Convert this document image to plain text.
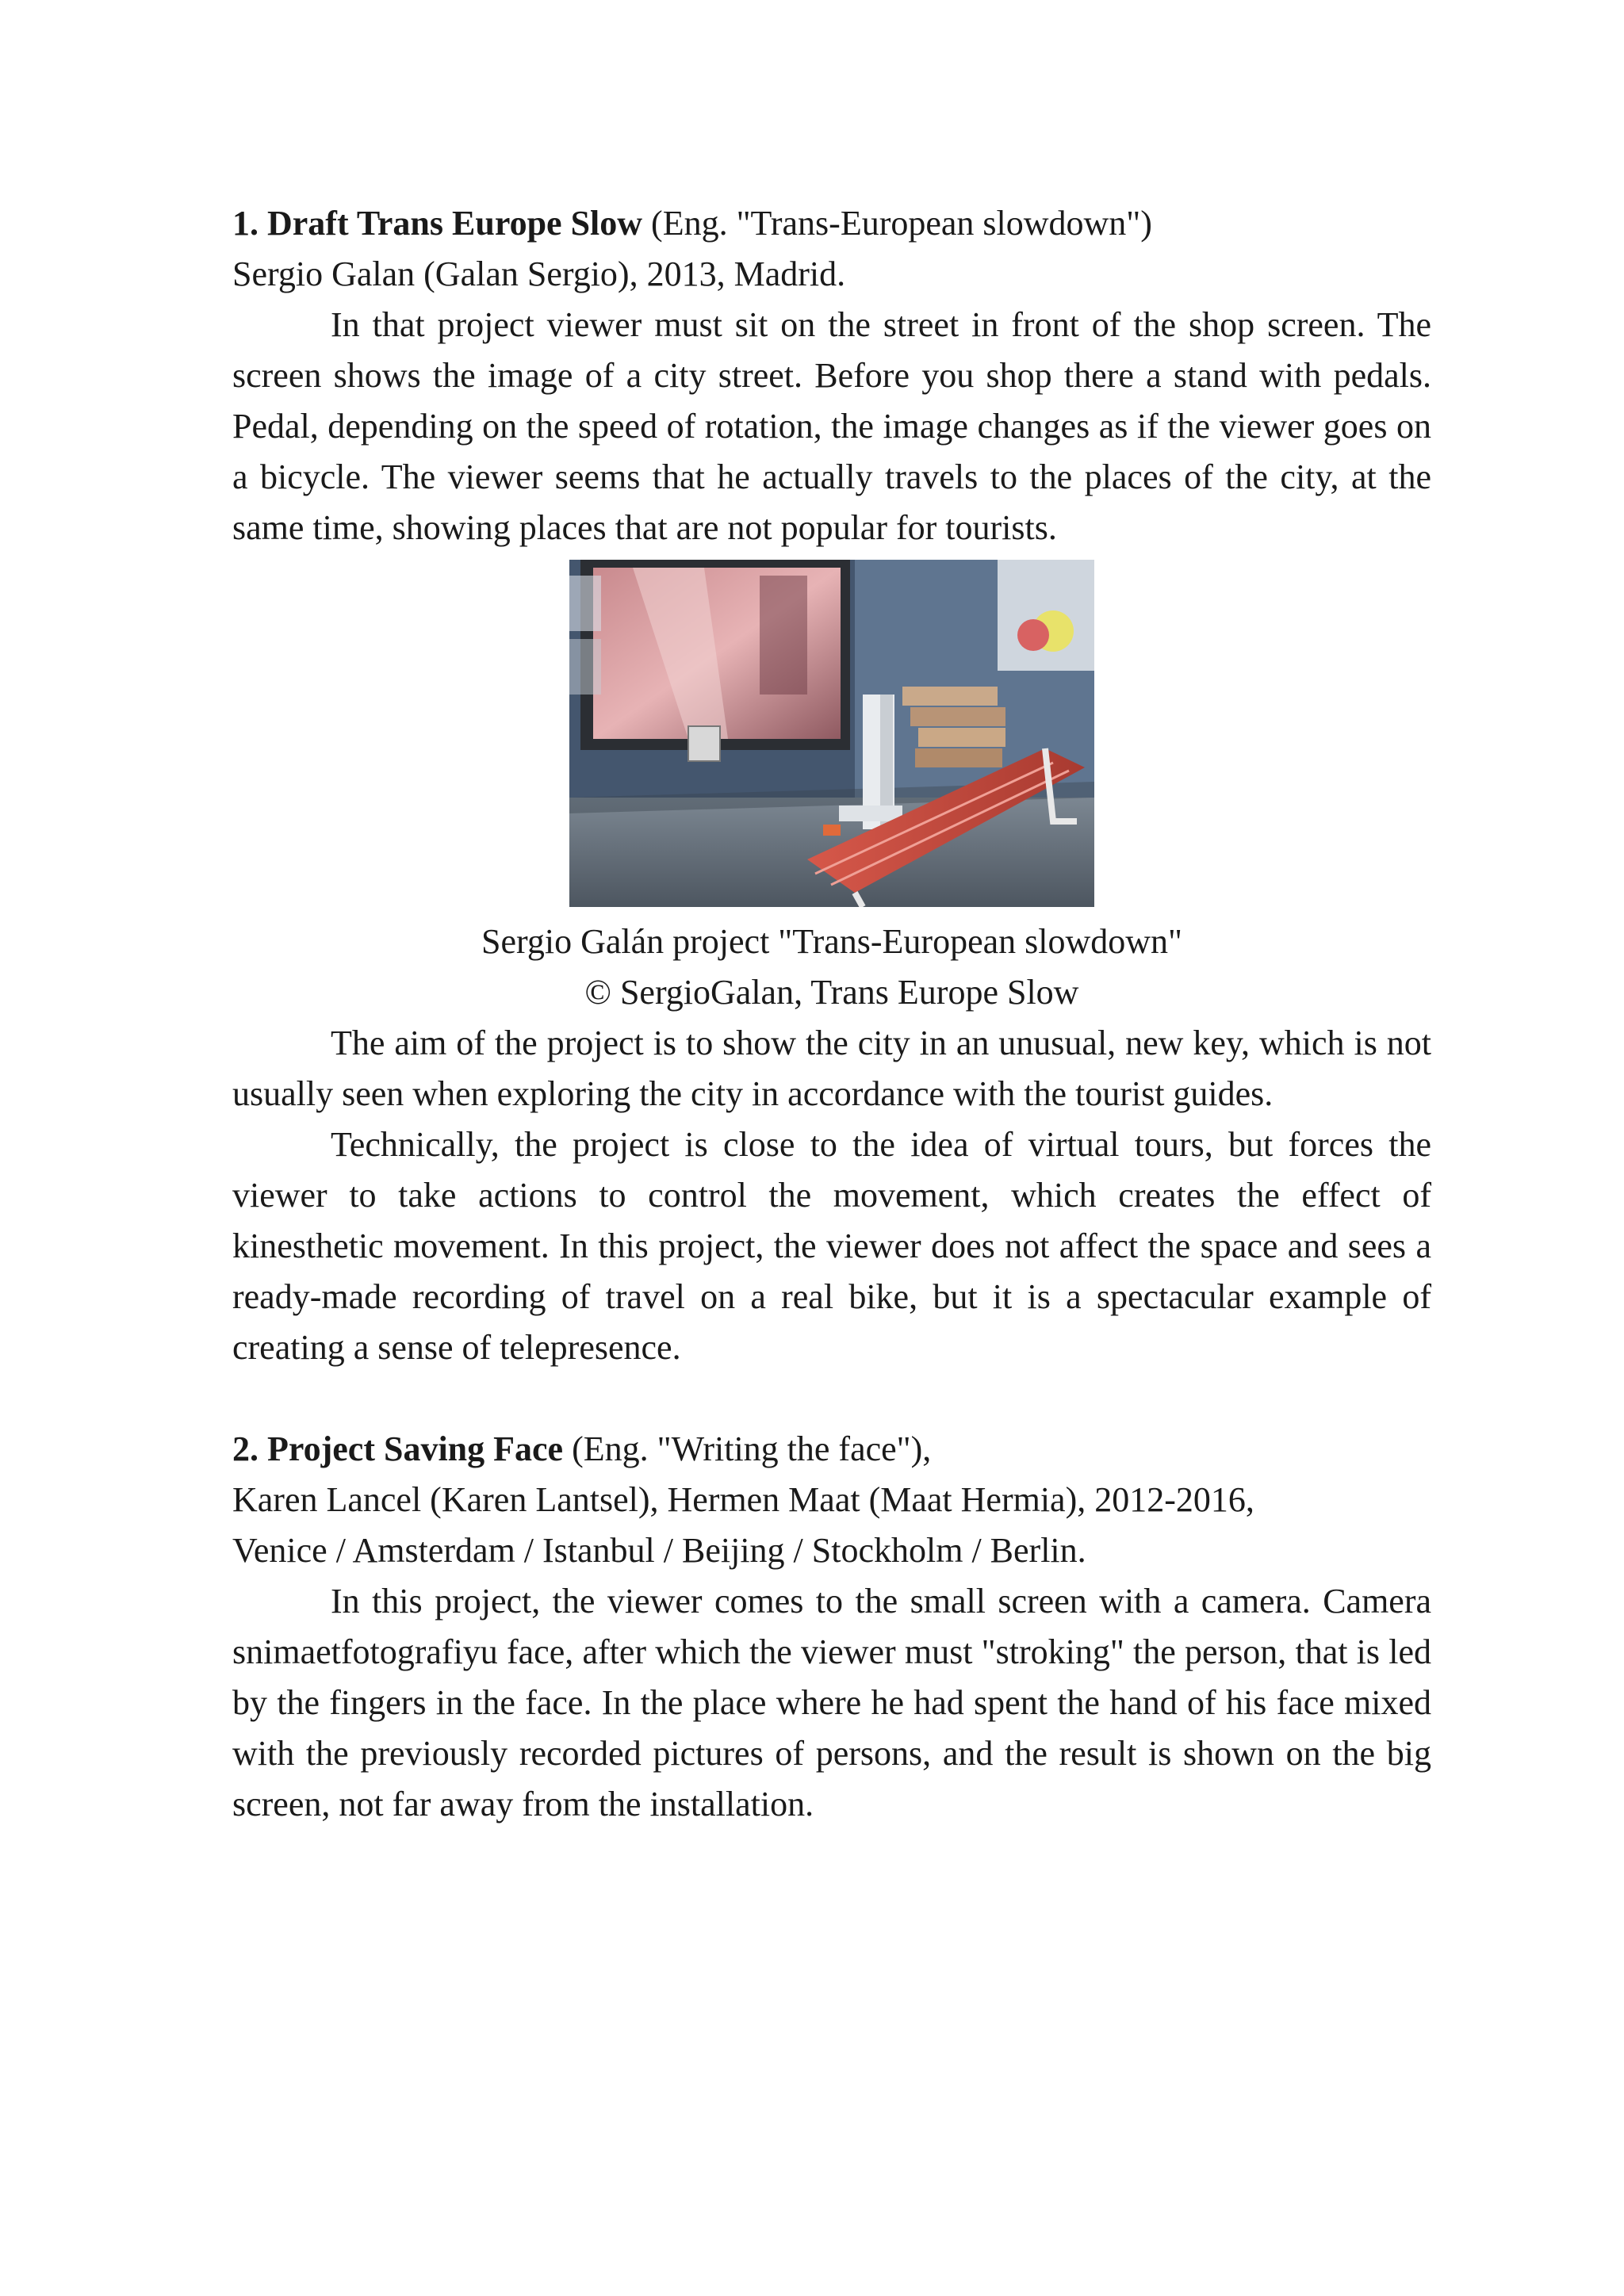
1. Draft Trans Europe Slow (Eng. "Trans-European slowdown")

Sergio Galan (Galan Sergio), 2013, Madrid.

In that project viewer must sit on the street in front of the shop screen. The screen shows the image of a city street. Before you shop there a stand with pedals. Pedal, depending on the speed of rotation, the image changes as if the viewer goes on a bicycle. The viewer seems that he actually travels to the places of the city, at the same time, showing places that are not popular for tourists.

Sergio Galán project "Trans-European slowdown"

© SergioGalan, Trans Europe Slow

The aim of the project is to show the city in an unusual, new key, which is not usually seen when exploring the city in accordance with the tourist guides.

Technically, the project is close to the idea of virtual tours, but forces the viewer to take actions to control the movement, which creates the effect of kinesthetic movement. In this project, the viewer does not affect the space and sees a ready-made recording of travel on a real bike, but it is a spectacular example of creating a sense of telepresence.

2. Project Saving Face (Eng. "Writing the face"),

Karen Lancel (Karen Lantsel), Hermen Maat (Maat Hermia), 2012-2016,

Venice / Amsterdam / Istanbul / Beijing / Stockholm / Berlin.

In this project, the viewer comes to the small screen with a camera. Camera snimaetfotografiyu face, after which the viewer must "stroking" the person, that is led by the fingers in the face. In the place where he had spent the hand of his face mixed with the previously recorded pictures of persons, and the result is shown on the big screen, not far away from the installation.
